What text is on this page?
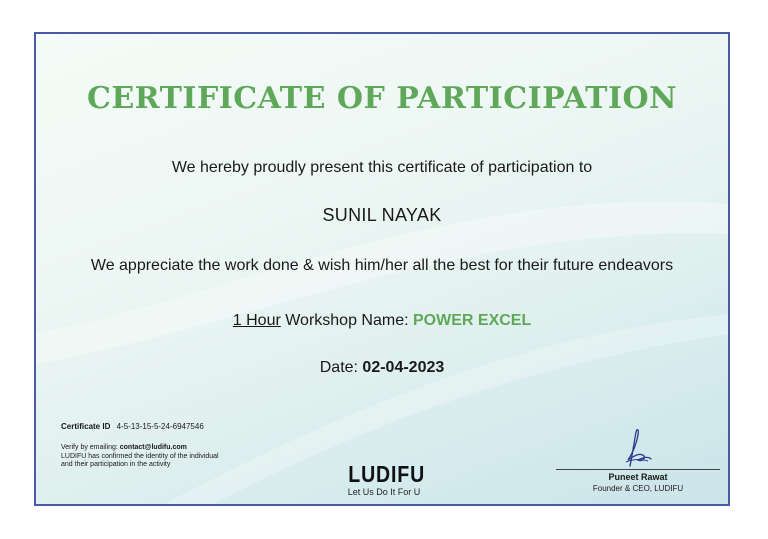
CERTIFICATE OF PARTICIPATION
We hereby proudly present this certificate of participation to
SUNIL NAYAK
We appreciate the work done & wish him/her all the best for their future endeavors
1 Hour Workshop Name: POWER EXCEL
Date: 02-04-2023
Certificate ID 4-5-13-15-5-24-6947546
Verify by emailing: contact@ludifu.com
LUDIFU has confirmed the identity of the individual and their participation in the activity	LUDIFU
Let Us Do It For U
Puneet Rawat
Founder & CEO, LUDIFU
